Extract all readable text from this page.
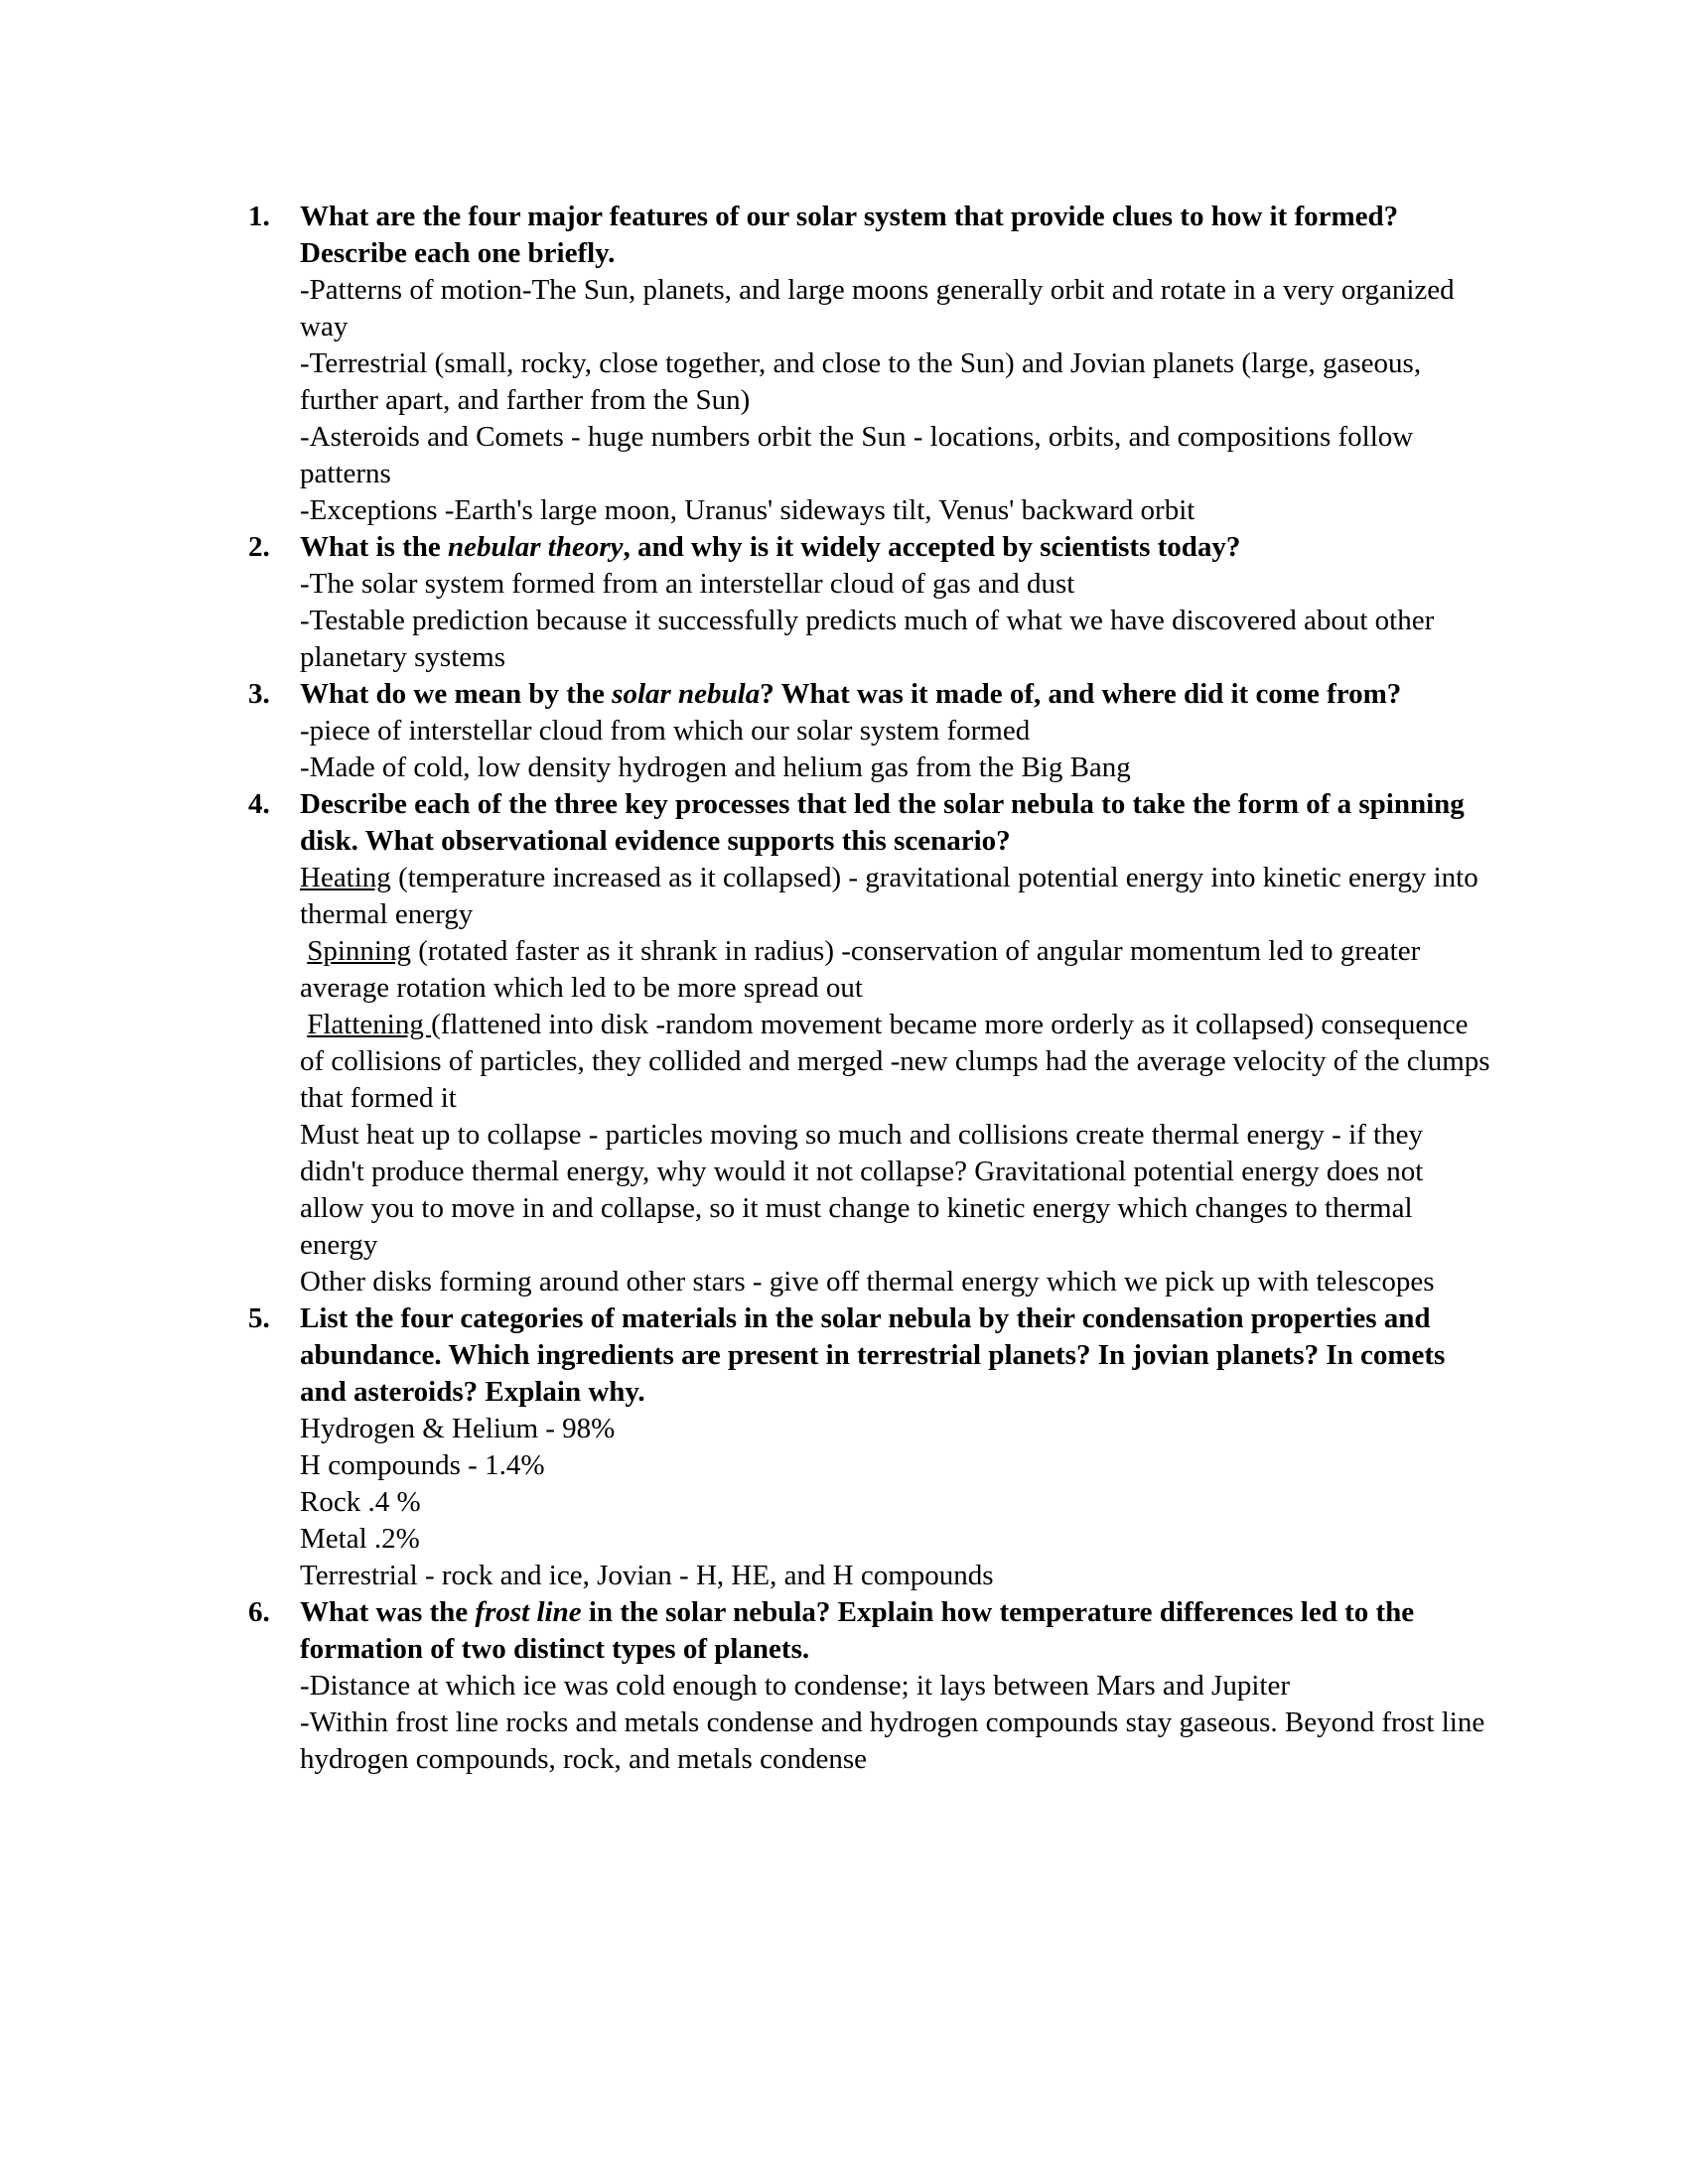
1.	What are the four major features of our solar system that provide clues to how it formed? Describe each one briefly.
-Patterns of motion-The Sun, planets, and large moons generally orbit and rotate in a very organized way
-Terrestrial (small, rocky, close together, and close to the Sun) and Jovian planets (large, gaseous, further apart, and farther from the Sun)
-Asteroids and Comets - huge numbers orbit the Sun - locations, orbits, and compositions follow patterns
-Exceptions -Earth's large moon, Uranus' sideways tilt, Venus' backward orbit
2.	What is the nebular theory, and why is it widely accepted by scientists today?
-The solar system formed from an interstellar cloud of gas and dust
-Testable prediction because it successfully predicts much of what we have discovered about other planetary systems
3.	What do we mean by the solar nebula? What was it made of, and where did it come from?
-piece of interstellar cloud from which our solar system formed
-Made of cold, low density hydrogen and helium gas from the Big Bang
4.	Describe each of the three key processes that led the solar nebula to take the form of a spinning disk. What observational evidence supports this scenario?
Heating (temperature increased as it collapsed) - gravitational potential energy into kinetic energy into thermal energy
Spinning (rotated faster as it shrank in radius) -conservation of angular momentum led to greater average rotation which led to be more spread out
Flattening (flattened into disk -random movement became more orderly as it collapsed) consequence of collisions of particles, they collided and merged -new clumps had the average velocity of the clumps that formed it
Must heat up to collapse - particles moving so much and collisions create thermal energy - if they didn't produce thermal energy, why would it not collapse? Gravitational potential energy does not allow you to move in and collapse, so it must change to kinetic energy which changes to thermal energy
Other disks forming around other stars - give off thermal energy which we pick up with telescopes
5.	List the four categories of materials in the solar nebula by their condensation properties and abundance. Which ingredients are present in terrestrial planets? In jovian planets? In comets and asteroids? Explain why.
Hydrogen & Helium - 98%
H compounds - 1.4%
Rock .4 %
Metal .2%
Terrestrial - rock and ice, Jovian - H, HE, and H compounds
6.	What was the frost line in the solar nebula? Explain how temperature differences led to the formation of two distinct types of planets.
-Distance at which ice was cold enough to condense; it lays between Mars and Jupiter
-Within frost line rocks and metals condense and hydrogen compounds stay gaseous. Beyond frost line hydrogen compounds, rock, and metals condense
